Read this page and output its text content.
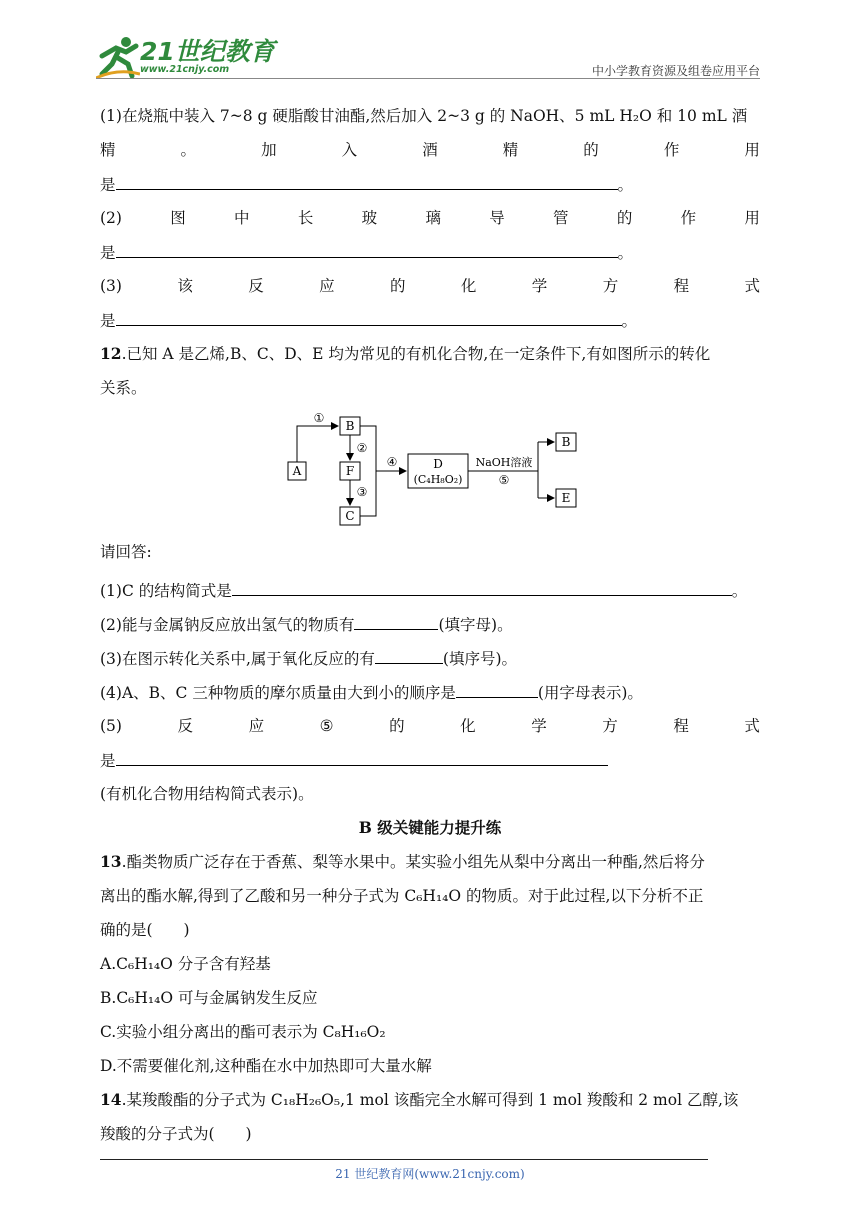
21世纪教育
www.21cnjy.com	中小学教育资源及组卷应用平台
(1)在烧瓶中装入 7~8 g 硬脂酸甘油酯,然后加入 2~3 g 的 NaOH、5 mL H₂O 和 10 mL 酒
精	。	加	入	酒	精	的	作	用
是	。
(2)	图	中	长	玻	璃	导	管	的	作	用
是	。
(3)	该	反	应	的	化	学	方	程	式
是	。
12.已知 A 是乙烯,B、C、D、E 均为常见的有机化合物,在一定条件下,有如图所示的转化
关系。
A
①
B
②
F
③
C
④	D
(C₄H₈O₂)
NaOH溶液
⑤
B
E
请回答:
(1)C 的结构简式是	。
(2)能与金属钠反应放出氢气的物质有	(填字母)。
(3)在图示转化关系中,属于氧化反应的有	(填序号)。
(4)A、B、C 三种物质的摩尔质量由大到小的顺序是	(用字母表示)。
(5)	反	应	⑤	的	化	学	方	程	式
是
(有机化合物用结构简式表示)。
B 级关键能力提升练
13.酯类物质广泛存在于香蕉、梨等水果中。某实验小组先从梨中分离出一种酯,然后将分
离出的酯水解,得到了乙酸和另一种分子式为 C₆H₁₄O 的物质。对于此过程,以下分析不正
确的是(　　)
A.C₆H₁₄O 分子含有羟基
B.C₆H₁₄O 可与金属钠发生反应
C.实验小组分离出的酯可表示为 C₈H₁₆O₂
D.不需要催化剂,这种酯在水中加热即可大量水解
14.某羧酸酯的分子式为 C₁₈H₂₆O₅,1 mol 该酯完全水解可得到 1 mol 羧酸和 2 mol 乙醇,该
羧酸的分子式为(　　)
21 世纪教育网(www.21cnjy.com)
